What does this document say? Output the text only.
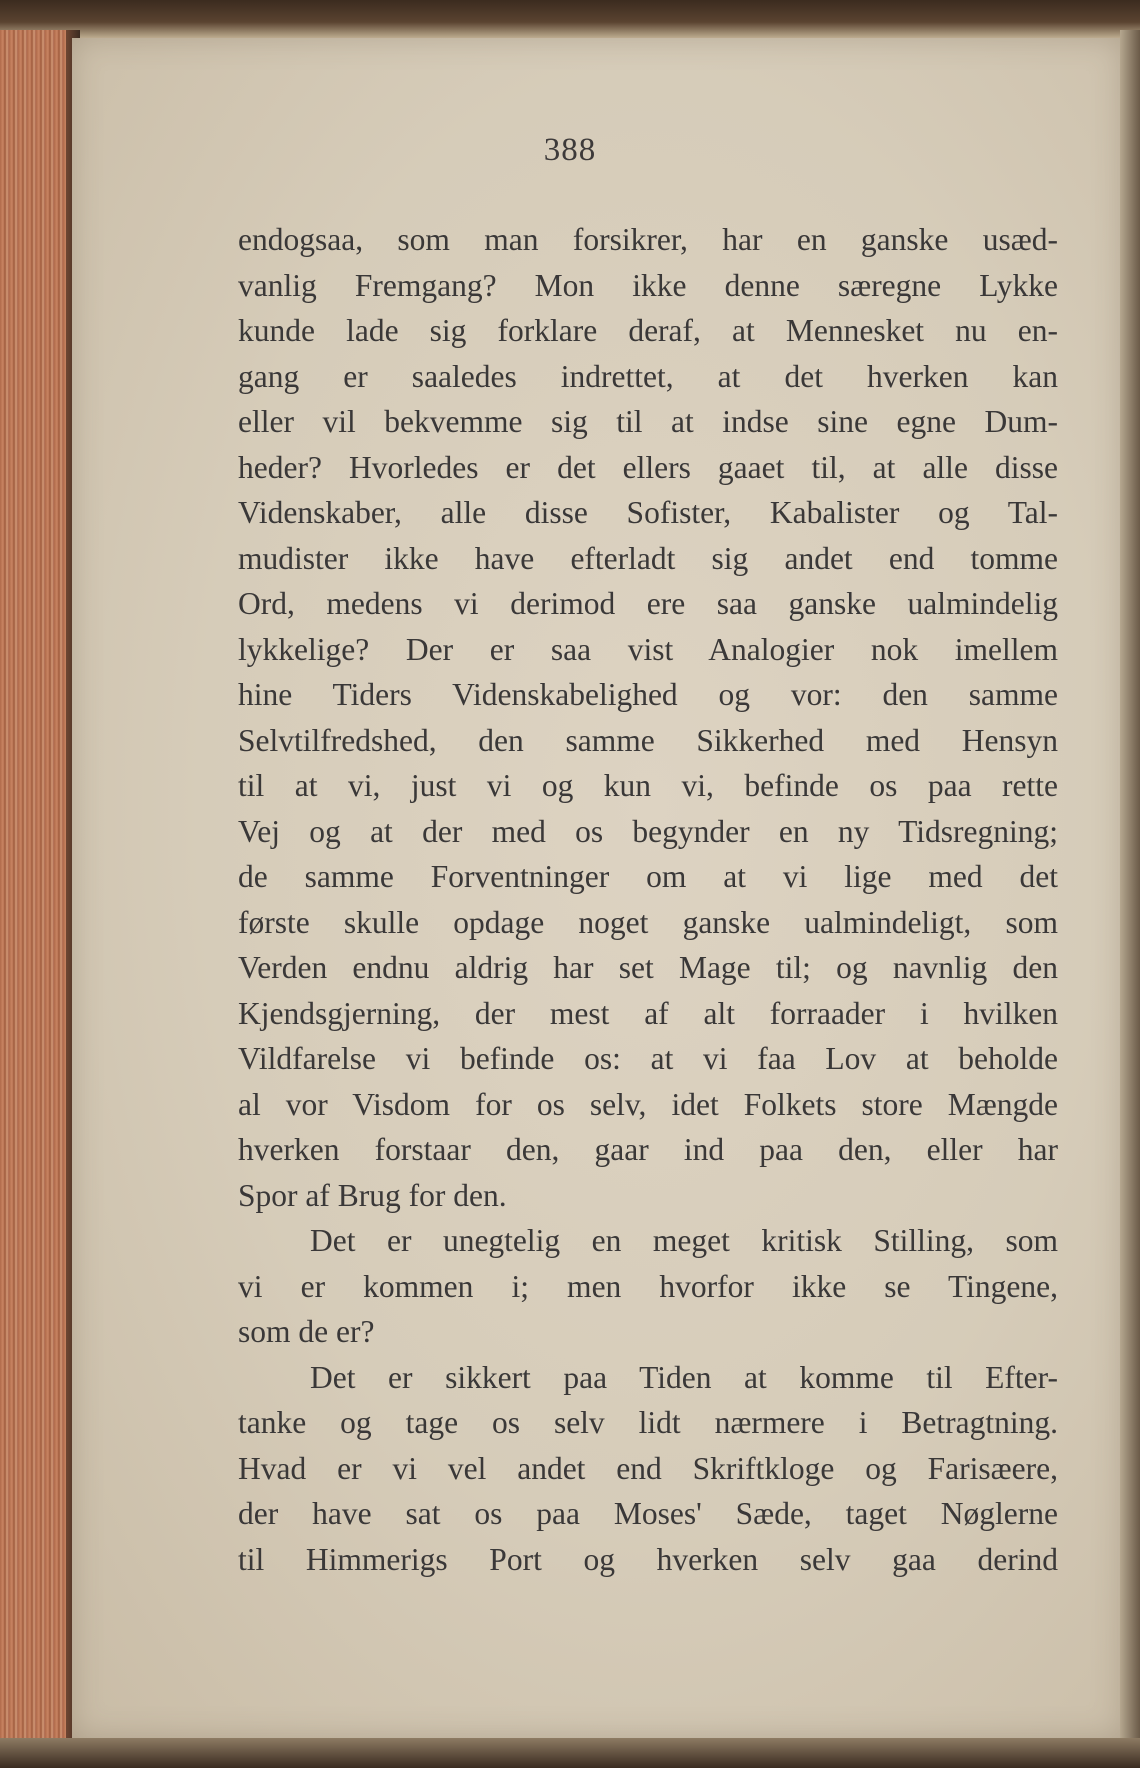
388
endogsaa, som man forsikrer, har en ganske usæd-
vanlig Fremgang? Mon ikke denne særegne Lykke
kunde lade sig forklare deraf, at Mennesket nu en-
gang er saaledes indrettet, at det hverken kan
eller vil bekvemme sig til at indse sine egne Dum-
heder? Hvorledes er det ellers gaaet til, at alle disse
Videnskaber, alle disse Sofister, Kabalister og Tal-
mudister ikke have efterladt sig andet end tomme
Ord, medens vi derimod ere saa ganske ualmindelig
lykkelige? Der er saa vist Analogier nok imellem
hine Tiders Videnskabelighed og vor: den samme
Selvtilfredshed, den samme Sikkerhed med Hensyn
til at vi, just vi og kun vi, befinde os paa rette
Vej og at der med os begynder en ny Tidsregning;
de samme Forventninger om at vi lige med det
første skulle opdage noget ganske ualmindeligt, som
Verden endnu aldrig har set Mage til; og navnlig den
Kjendsgjerning, der mest af alt forraader i hvilken
Vildfarelse vi befinde os: at vi faa Lov at beholde
al vor Visdom for os selv, idet Folkets store Mængde
hverken forstaar den, gaar ind paa den, eller har
Spor af Brug for den.
Det er unegtelig en meget kritisk Stilling, som
vi er kommen i; men hvorfor ikke se Tingene,
som de er?
Det er sikkert paa Tiden at komme til Efter-
tanke og tage os selv lidt nærmere i Betragtning.
Hvad er vi vel andet end Skriftkloge og Farisæere,
der have sat os paa Moses' Sæde, taget Nøglerne
til Himmerigs Port og hverken selv gaa derind
